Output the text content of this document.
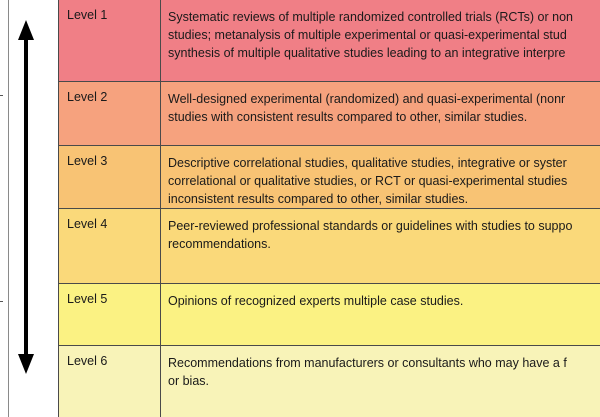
Level 1	Systematic reviews of multiple randomized controlled trials (RCTs) or non
studies; metanalysis of multiple experimental or quasi-experimental stud
synthesis of multiple qualitative studies leading to an integrative interpre
Level 2	Well-designed experimental (randomized) and quasi-experimental (nonr
studies with consistent results compared to other, similar studies.
Level 3	Descriptive correlational studies, qualitative studies, integrative or syster
correlational or qualitative studies, or RCT or quasi-experimental studies
inconsistent results compared to other, similar studies.
Level 4	Peer-reviewed professional standards or guidelines with studies to suppo
recommendations.
Level 5	Opinions of recognized experts multiple case studies.
Level 6	Recommendations from manufacturers or consultants who may have a f
or bias.
